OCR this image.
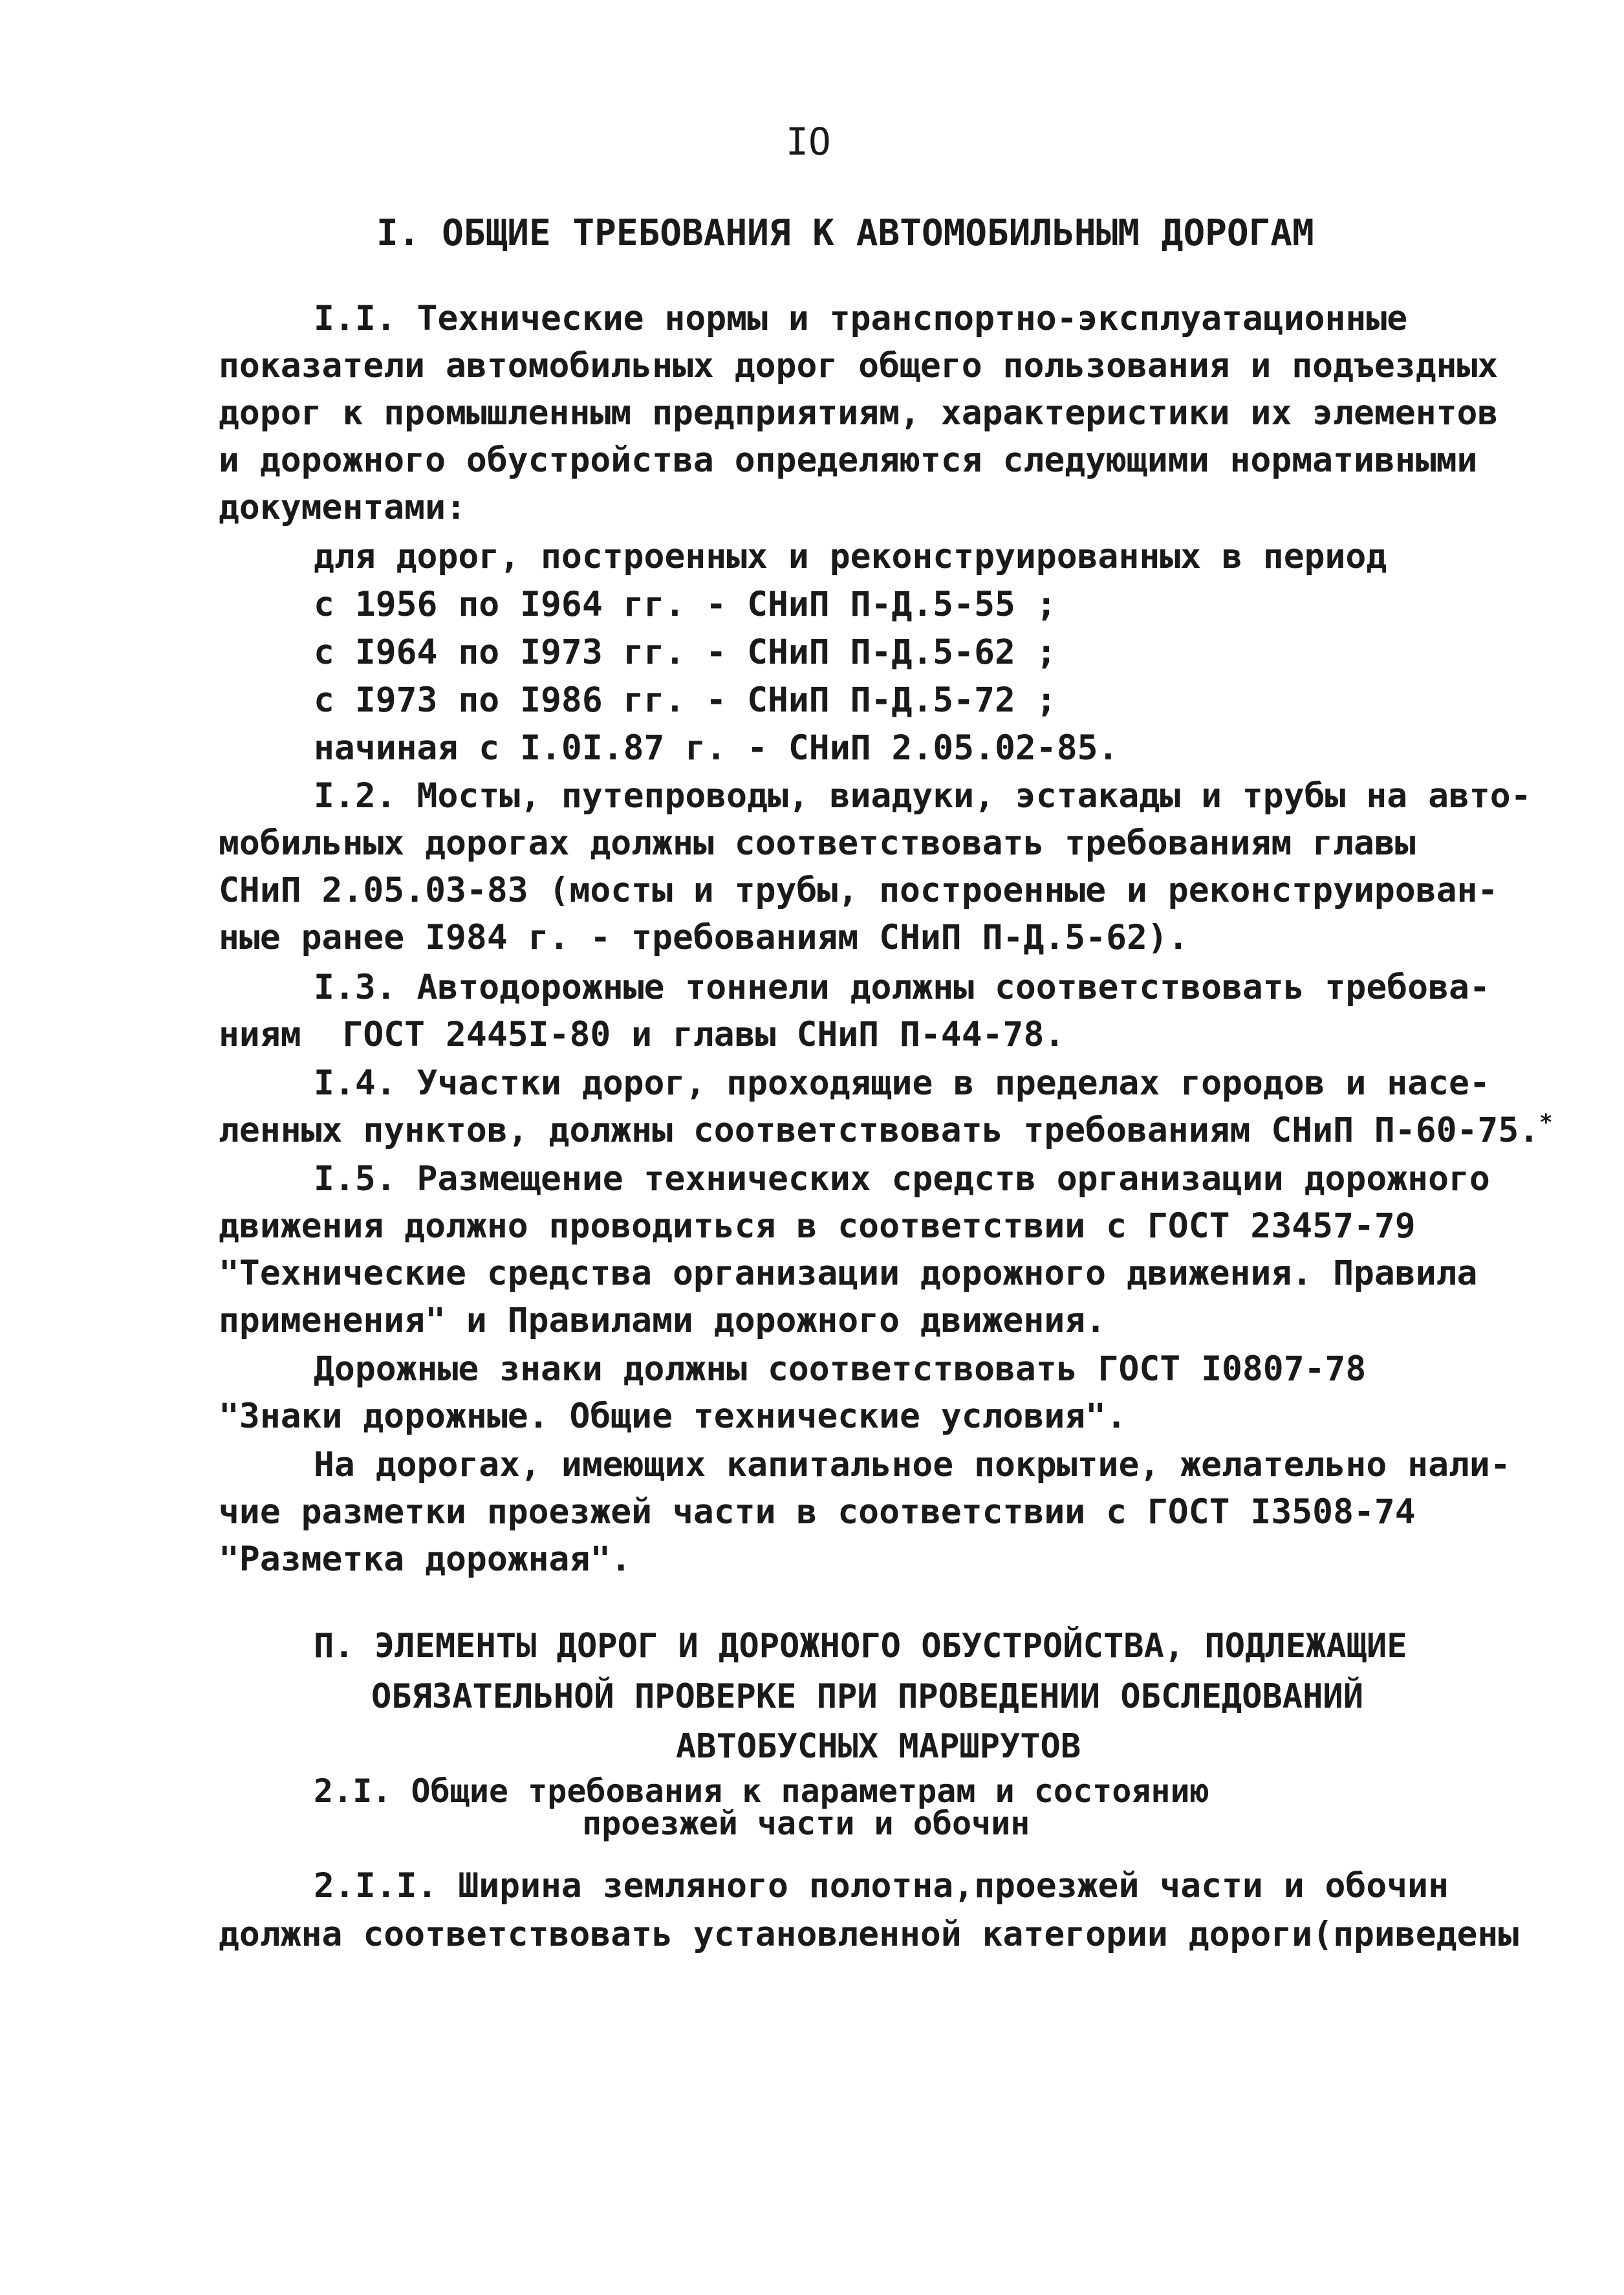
IO
I. ОБЩИЕ ТРЕБОВАНИЯ К АВТОМОБИЛЬНЫМ ДОРОГАМ
I.I. Технические нормы и транспортно-эксплуатационные
показатели автомобильных дорог общего пользования и подъездных
дорог к промышленным предприятиям, характеристики их элементов
и дорожного обустройства определяются следующими нормативными
документами:
для дорог, построенных и реконструированных в период
с 1956 по I964 гг. - СНиП П-Д.5-55 ;
с I964 по I973 гг. - СНиП П-Д.5-62 ;
с I973 по I986 гг. - СНиП П-Д.5-72 ;
начиная с I.0I.87 г. - СНиП 2.05.02-85.
I.2. Мосты, путепроводы, виадуки, эстакады и трубы на авто-
мобильных дорогах должны соответствовать требованиям главы
СНиП 2.05.03-83 (мосты и трубы, построенные и реконструирован-
ные ранее I984 г. - требованиям СНиП П-Д.5-62).
I.3. Автодорожные тоннели должны соответствовать требова-
ниям  ГОСТ 2445I-80 и главы СНиП П-44-78.
I.4. Участки дорог, проходящие в пределах городов и насе-
ленных пунктов, должны соответствовать требованиям СНиП П-60-75.*
I.5. Размещение технических средств организации дорожного
движения должно проводиться в соответствии с ГОСТ 23457-79
"Технические средства организации дорожного движения. Правила
применения" и Правилами дорожного движения.
Дорожные знаки должны соответствовать ГОСТ I0807-78
"Знаки дорожные. Общие технические условия".
На дорогах, имеющих капитальное покрытие, желательно нали-
чие разметки проезжей части в соответствии с ГОСТ I3508-74
"Разметка дорожная".
П. ЭЛЕМЕНТЫ ДОРОГ И ДОРОЖНОГО ОБУСТРОЙСТВА, ПОДЛЕЖАЩИЕ
ОБЯЗАТЕЛЬНОЙ ПРОВЕРКЕ ПРИ ПРОВЕДЕНИИ ОБСЛЕДОВАНИЙ
АВТОБУСНЫХ МАРШРУТОВ
2.I. Общие требования к параметрам и состоянию
проезжей части и обочин
2.I.I. Ширина земляного полотна,проезжей части и обочин
должна соответствовать установленной категории дороги(приведены
